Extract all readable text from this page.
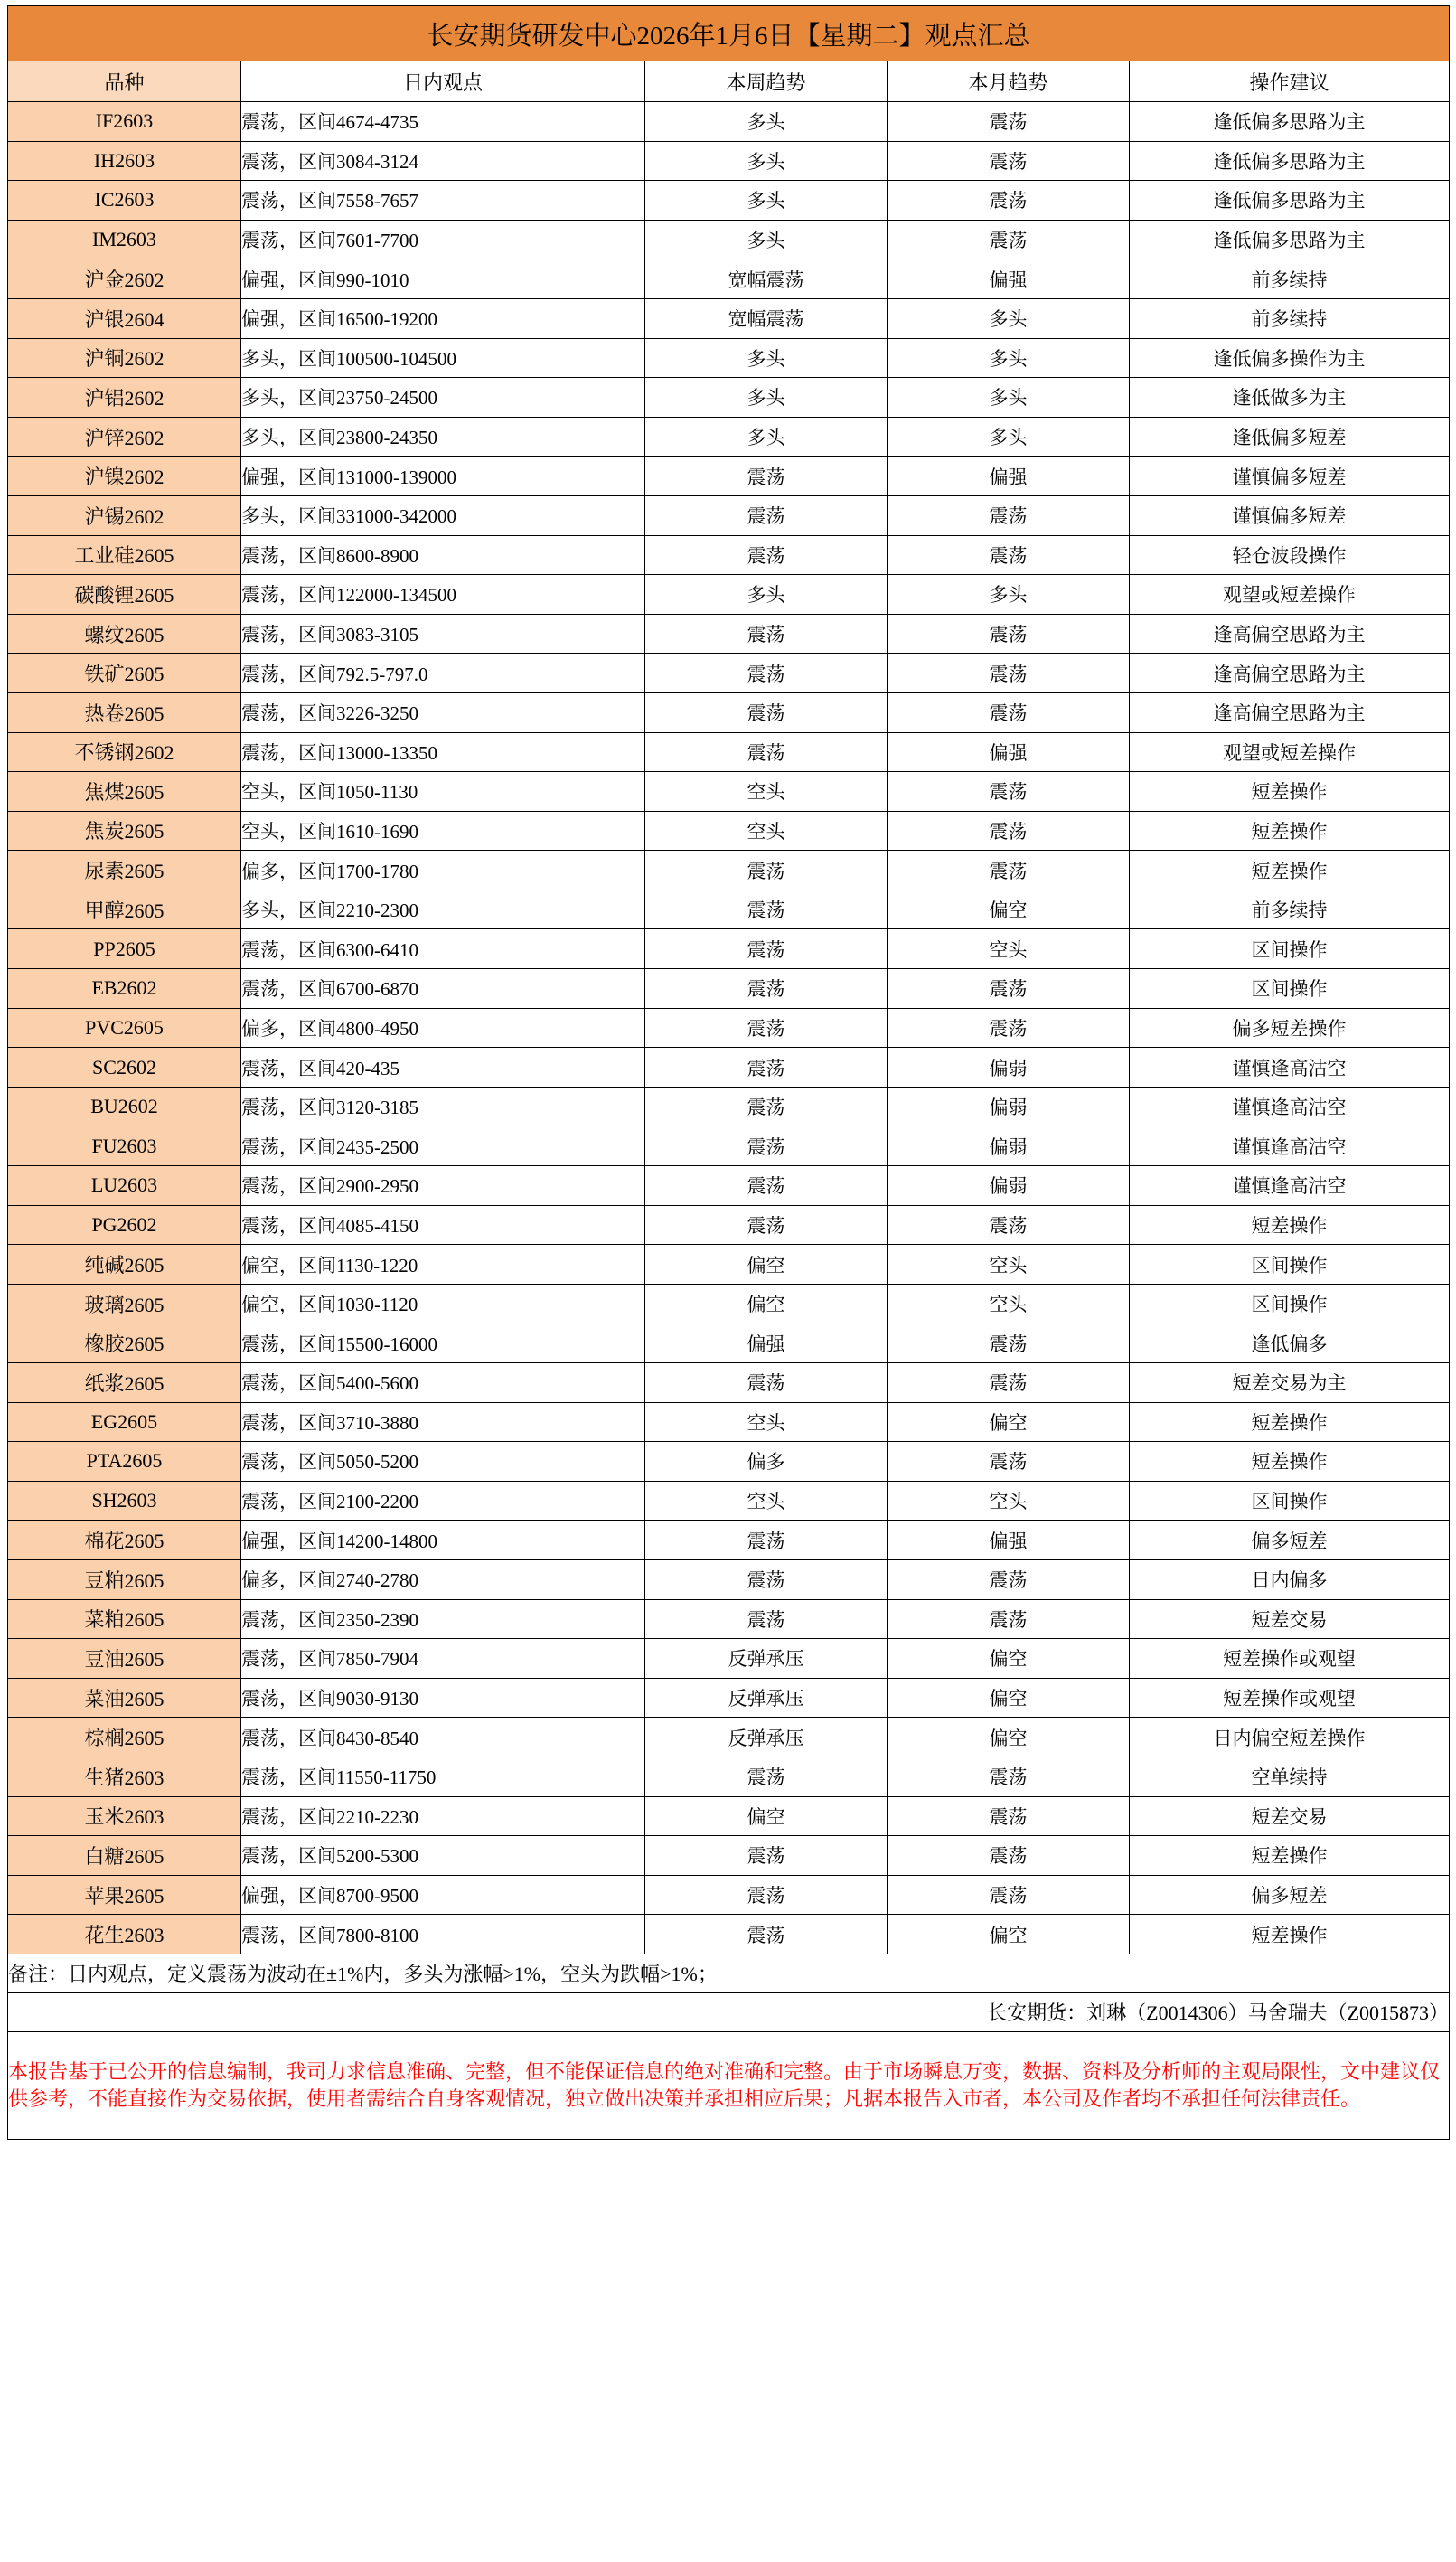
长安期货研发中心2026年1月6日【星期二】观点汇总				
品种	日内观点	本周趋势	本月趋势	操作建议
IF2603	震荡，区间4674-4735	多头	震荡	逢低偏多思路为主
IH2603	震荡，区间3084-3124	多头	震荡	逢低偏多思路为主
IC2603	震荡，区间7558-7657	多头	震荡	逢低偏多思路为主
IM2603	震荡，区间7601-7700	多头	震荡	逢低偏多思路为主
沪金2602	偏强，区间990-1010	宽幅震荡	偏强	前多续持
沪银2604	偏强，区间16500-19200	宽幅震荡	多头	前多续持
沪铜2602	多头，区间100500-104500	多头	多头	逢低偏多操作为主
沪铝2602	多头，区间23750-24500	多头	多头	逢低做多为主
沪锌2602	多头，区间23800-24350	多头	多头	逢低偏多短差
沪镍2602	偏强，区间131000-139000	震荡	偏强	谨慎偏多短差
沪锡2602	多头，区间331000-342000	震荡	震荡	谨慎偏多短差
工业硅2605	震荡，区间8600-8900	震荡	震荡	轻仓波段操作
碳酸锂2605	震荡，区间122000-134500	多头	多头	观望或短差操作
螺纹2605	震荡，区间3083-3105	震荡	震荡	逢高偏空思路为主
铁矿2605	震荡，区间792.5-797.0	震荡	震荡	逢高偏空思路为主
热卷2605	震荡，区间3226-3250	震荡	震荡	逢高偏空思路为主
不锈钢2602	震荡，区间13000-13350	震荡	偏强	观望或短差操作
焦煤2605	空头，区间1050-1130	空头	震荡	短差操作
焦炭2605	空头，区间1610-1690	空头	震荡	短差操作
尿素2605	偏多，区间1700-1780	震荡	震荡	短差操作
甲醇2605	多头，区间2210-2300	震荡	偏空	前多续持
PP2605	震荡，区间6300-6410	震荡	空头	区间操作
EB2602	震荡，区间6700-6870	震荡	震荡	区间操作
PVC2605	偏多，区间4800-4950	震荡	震荡	偏多短差操作
SC2602	震荡，区间420-435	震荡	偏弱	谨慎逢高沽空
BU2602	震荡，区间3120-3185	震荡	偏弱	谨慎逢高沽空
FU2603	震荡，区间2435-2500	震荡	偏弱	谨慎逢高沽空
LU2603	震荡，区间2900-2950	震荡	偏弱	谨慎逢高沽空
PG2602	震荡，区间4085-4150	震荡	震荡	短差操作
纯碱2605	偏空，区间1130-1220	偏空	空头	区间操作
玻璃2605	偏空，区间1030-1120	偏空	空头	区间操作
橡胶2605	震荡，区间15500-16000	偏强	震荡	逢低偏多
纸浆2605	震荡，区间5400-5600	震荡	震荡	短差交易为主
EG2605	震荡，区间3710-3880	空头	偏空	短差操作
PTA2605	震荡，区间5050-5200	偏多	震荡	短差操作
SH2603	震荡，区间2100-2200	空头	空头	区间操作
棉花2605	偏强，区间14200-14800	震荡	偏强	偏多短差
豆粕2605	偏多，区间2740-2780	震荡	震荡	日内偏多
菜粕2605	震荡，区间2350-2390	震荡	震荡	短差交易
豆油2605	震荡，区间7850-7904	反弹承压	偏空	短差操作或观望
菜油2605	震荡，区间9030-9130	反弹承压	偏空	短差操作或观望
棕榈2605	震荡，区间8430-8540	反弹承压	偏空	日内偏空短差操作
生猪2603	震荡，区间11550-11750	震荡	震荡	空单续持
玉米2603	震荡，区间2210-2230	偏空	震荡	短差交易
白糖2605	震荡，区间5200-5300	震荡	震荡	短差操作
苹果2605	偏强，区间8700-9500	震荡	震荡	偏多短差
花生2603	震荡，区间7800-8100	震荡	偏空	短差操作
备注：日内观点，定义震荡为波动在±1%内，多头为涨幅>1%，空头为跌幅>1%；				
长安期货：刘琳（Z0014306）马舍瑞夫（Z0015873）				
本报告基于已公开的信息编制，我司力求信息准确、完整，但不能保证信息的绝对准确和完整。由于市场瞬息万变，数据、资料及分析师的主观局限性，文中建议仅供参考，不能直接作为交易依据，使用者需结合自身客观情况，独立做出决策并承担相应后果；凡据本报告入市者，本公司及作者均不承担任何法律责任。				
